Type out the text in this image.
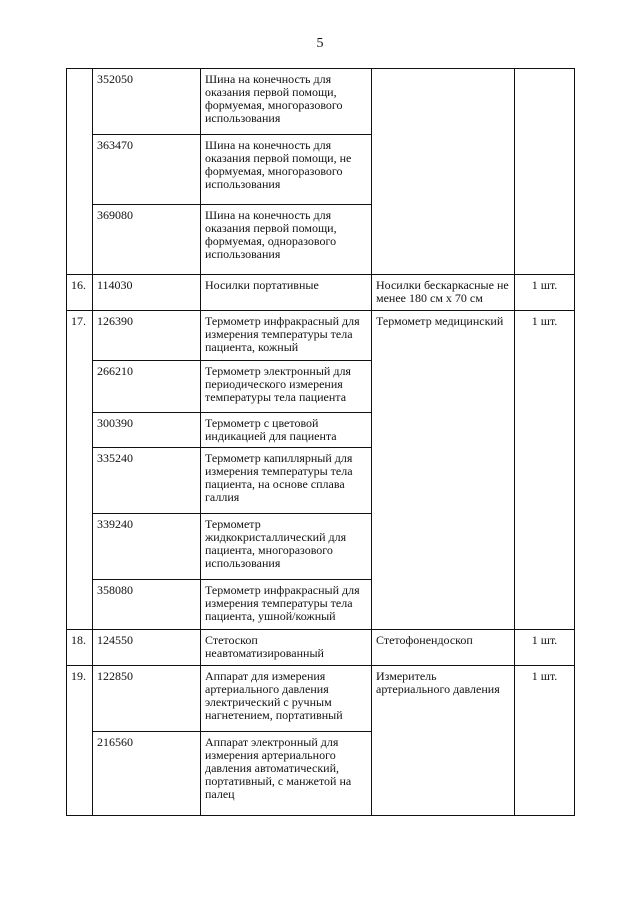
5
	352050	Шина на конечность для оказания первой помощи, формуемая, многоразового использования		
	363470	Шина на конечность для оказания первой помощи, не формуемая, многоразового использования		
	369080	Шина на конечность для оказания первой помощи, формуемая, одноразового использования		
16.	114030	Носилки портативные	Носилки бескаркасные не менее 180 см х 70 см	1 шт.
17.	126390	Термометр инфракрасный для измерения температуры тела пациента, кожный	Термометр медицинский	1 шт.
	266210	Термометр электронный для периодического измерения температуры тела пациента		
	300390	Термометр с цветовой индикацией для пациента		
	335240	Термометр капиллярный для измерения температуры тела пациента, на основе сплава галлия		
	339240	Термометр жидкокристаллический для пациента, многоразового использования		
	358080	Термометр инфракрасный для измерения температуры тела пациента, ушной/кожный		
18.	124550	Стетоскоп неавтоматизированный	Стетофонендоскоп	1 шт.
19.	122850	Аппарат для измерения артериального давления электрический с ручным нагнетением, портативный	Измеритель артериального давления	1 шт.
	216560	Аппарат электронный для измерения артериального давления автоматический, портативный, с манжетой на палец		
